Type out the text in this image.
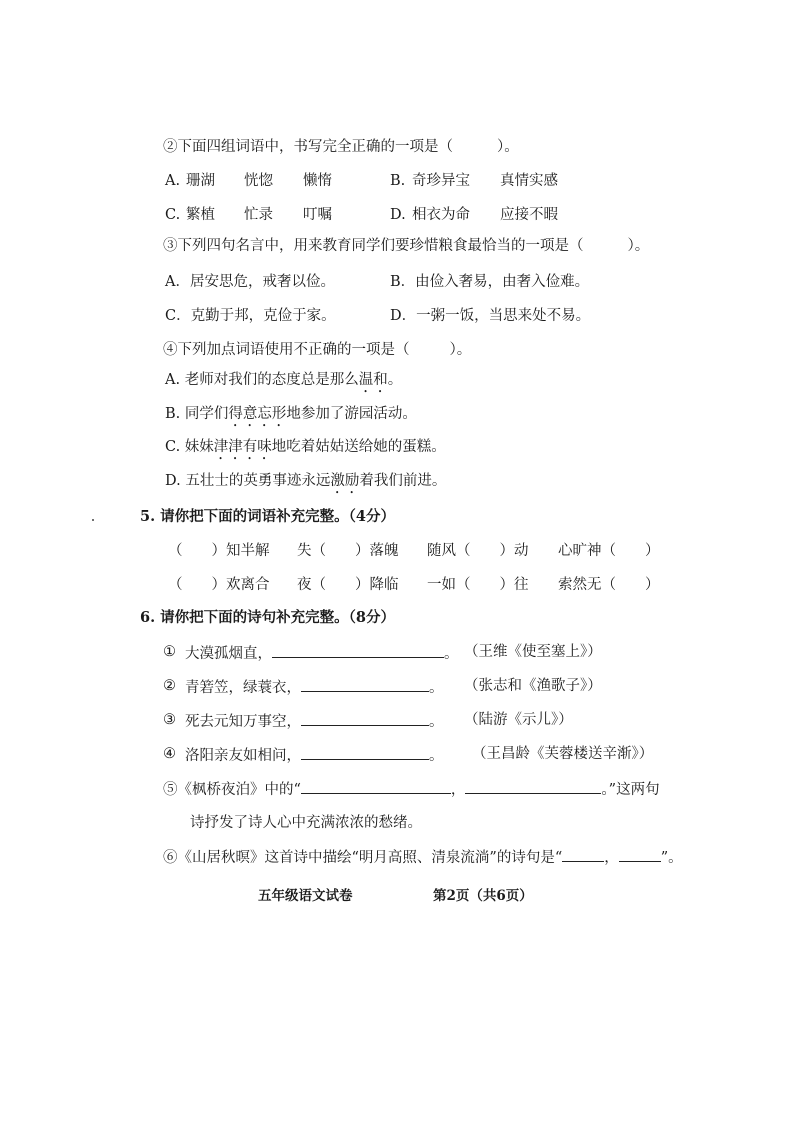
②下面四组词语中，书写完全正确的一项是（	）。
A. 珊湖 恍惚 懒惰	B. 奇珍异宝 真情实感
C. 繁植 忙录 叮嘱	D. 相衣为命 应接不暇
③下列四句名言中，用来教育同学们要珍惜粮食最恰当的一项是（	）。
A．居安思危，戒奢以俭。	B．由俭入奢易，由奢入俭难。
C．克勤于邦，克俭于家。	D．一粥一饭，当思来处不易。
④下列加点词语使用不正确的一项是（	）。
A. 老师对我们的态度总是那么温和。
B. 同学们得意忘形地参加了游园活动。
C. 妹妹津津有味地吃着姑姑送给她的蛋糕。
D. 五壮士的英勇事迹永远激励着我们前进。
5. 请你把下面的词语补充完整。（4分）
（　　）知半解 失（　　）落魄 随风（　　）动 心旷神（　　）
（　　）欢离合 夜（　　）降临 一如（　　）往 索然无（　　）
6. 请你把下面的诗句补充完整。（8分）
① 大漠孤烟直，	。 （王维《使至塞上》）
② 青箬笠，绿蓑衣，	。 （张志和《渔歌子》）
③ 死去元知万事空，	。 （陆游《示儿》）
④ 洛阳亲友如相问，	。 （王昌龄《芙蓉楼送辛渐》）
⑤《枫桥夜泊》中的“	，	。”这两句
诗抒发了诗人心中充满浓浓的愁绪。
⑥《山居秋暝》这首诗中描绘“明月高照、清泉流淌”的诗句是“	，	”。
五年级语文试卷	第2页（共6页）
